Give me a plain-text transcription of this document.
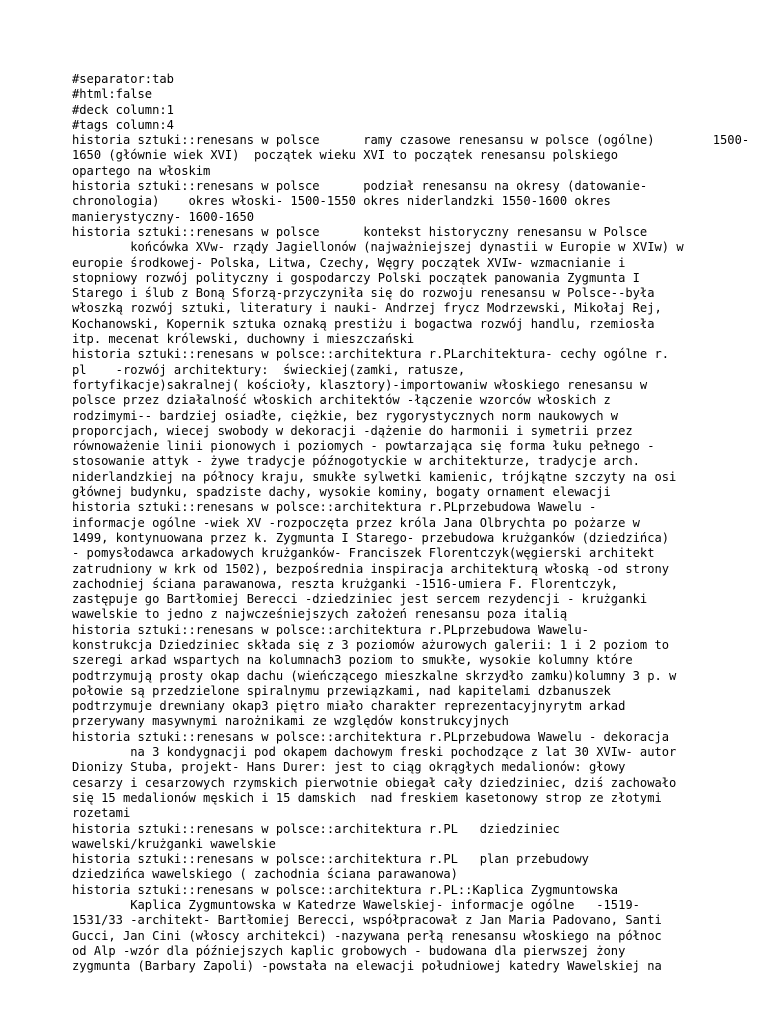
#separator:tab
#html:false
#deck column:1
#tags column:4
historia sztuki::renesans w polsce	ramy czasowe renesansu w polsce (ogólne)	1500-
1650 (głównie wiek XVI)  początek wieku XVI to początek renesansu polskiego
opartego na włoskim
historia sztuki::renesans w polsce	podział renesansu na okresy (datowanie-
chronologia)	okres włoski- 1500-1550 okres niderlandzki 1550-1600 okres
manierystyczny- 1600-1650
historia sztuki::renesans w polsce	kontekst historyczny renesansu w Polsce
	końcówka XVw- rządy Jagiellonów (najważniejszej dynastii w Europie w XVIw) w
europie środkowej- Polska, Litwa, Czechy, Węgry początek XVIw- wzmacnianie i
stopniowy rozwój polityczny i gospodarczy Polski początek panowania Zygmunta I
Starego i ślub z Boną Sforzą-przyczyniła się do rozwoju renesansu w Polsce--była
włoszką rozwój sztuki, literatury i nauki- Andrzej frycz Modrzewski, Mikołaj Rej,
Kochanowski, Kopernik sztuka oznaką prestiżu i bogactwa rozwój handlu, rzemiosła
itp. mecenat królewski, duchowny i mieszczański
historia sztuki::renesans w polsce::architektura r.PLarchitektura- cechy ogólne r.
pl    -rozwój architektury:  świeckiej(zamki, ratusze,
fortyfikacje)sakralnej( kościoły, klasztory)-importowaniw włoskiego renesansu w
polsce przez działalność włoskich architektów -łączenie wzorców włoskich z
rodzimymi-- bardziej osiadłe, ciężkie, bez rygorystycznych norm naukowych w
proporcjach, wiecej swobody w dekoracji -dążenie do harmonii i symetrii przez
równoważenie linii pionowych i poziomych - powtarzająca się forma łuku pełnego -
stosowanie attyk - żywe tradycje późnogotyckie w architekturze, tradycje arch.
niderlandzkiej na północy kraju, smukłe sylwetki kamienic, trójkątne szczyty na osi
głównej budynku, spadziste dachy, wysokie kominy, bogaty ornament elewacji
historia sztuki::renesans w polsce::architektura r.PLprzebudowa Wawelu -
informacje ogólne -wiek XV -rozpoczęta przez króla Jana Olbrychta po pożarze w
1499, kontynuowana przez k. Zygmunta I Starego- przebudowa krużganków (dziedzińca)
- pomysłodawca arkadowych krużganków- Franciszek Florentczyk(węgierski architekt
zatrudniony w krk od 1502), bezpośrednia inspiracja architekturą włoską -od strony
zachodniej ściana parawanowa, reszta krużganki -1516-umiera F. Florentczyk,
zastępuje go Bartłomiej Berecci -dziedziniec jest sercem rezydencji - krużganki
wawelskie to jedno z najwcześniejszych założeń renesansu poza italią
historia sztuki::renesans w polsce::architektura r.PLprzebudowa Wawelu-
konstrukcja Dziedziniec składa się z 3 poziomów ażurowych galerii: 1 i 2 poziom to
szeregi arkad wspartych na kolumnach3 poziom to smukłe, wysokie kolumny które
podtrzymują prosty okap dachu (wieńczącego mieszkalne skrzydło zamku)kolumny 3 p. w
połowie są przedzielone spiralnymu przewiązkami, nad kapitelami dzbanuszek
podtrzymuje drewniany okap3 piętro miało charakter reprezentacyjnyrytm arkad
przerywany masywnymi narożnikami ze względów konstrukcyjnych
historia sztuki::renesans w polsce::architektura r.PLprzebudowa Wawelu - dekoracja
	na 3 kondygnacji pod okapem dachowym freski pochodzące z lat 30 XVIw- autor
Dionizy Stuba, projekt- Hans Durer: jest to ciąg okrągłych medalionów: głowy
cesarzy i cesarzowych rzymskich pierwotnie obiegał cały dziedziniec, dziś zachowało
się 15 medalionów męskich i 15 damskich  nad freskiem kasetonowy strop ze złotymi
rozetami
historia sztuki::renesans w polsce::architektura r.PL	dziedziniec
wawelski/krużganki wawelskie
historia sztuki::renesans w polsce::architektura r.PL	plan przebudowy
dziedzińca wawelskiego ( zachodnia ściana parawanowa)
historia sztuki::renesans w polsce::architektura r.PL::Kaplica Zygmuntowska
	Kaplica Zygmuntowska w Katedrze Wawelskiej- informacje ogólne	-1519-
1531/33 -architekt- Bartłomiej Berecci, współpracował z Jan Maria Padovano, Santi
Gucci, Jan Cini (włoscy architekci) -nazywana perłą renesansu włoskiego na północ
od Alp -wzór dla późniejszych kaplic grobowych - budowana dla pierwszej żony
zygmunta (Barbary Zapoli) -powstała na elewacji południowej katedry Wawelskiej na
